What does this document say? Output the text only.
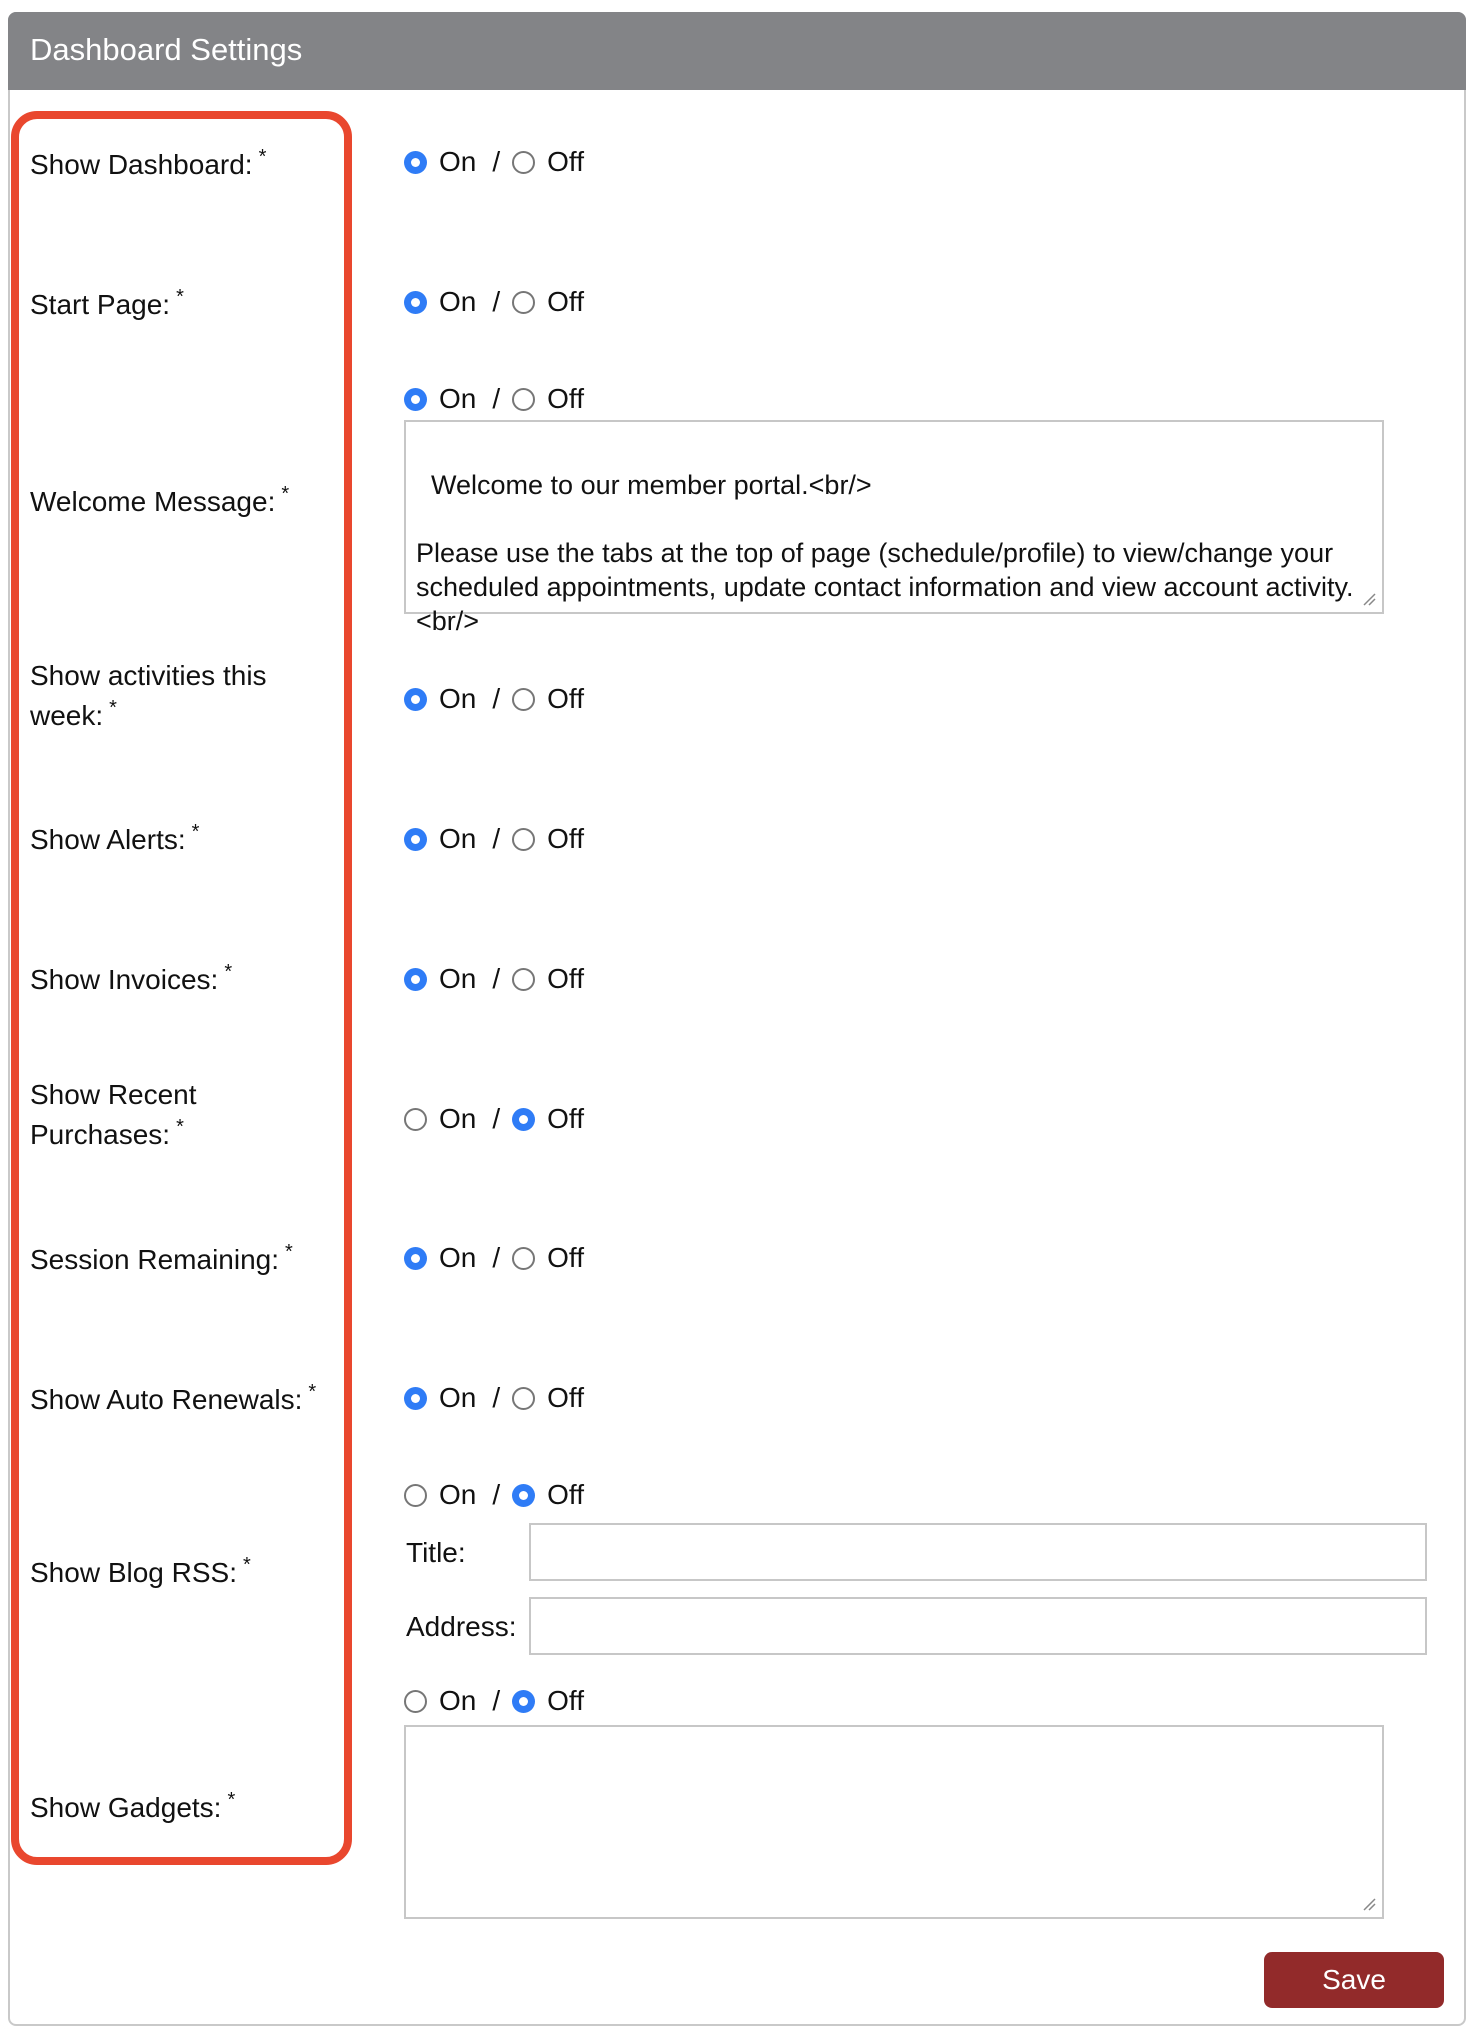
Dashboard Settings
Show Dashboard: *
Start Page: *
Welcome Message: *
Show activities this
week: *
Show Alerts: *
Show Invoices: *
Show Recent
Purchases: *
Session Remaining: *
Show Auto Renewals: *
Show Blog RSS: *
Show Gadgets: *
On / Off
On / Off
On / Off
On / Off
On / Off
On / Off
On / Off
On / Off
On / Off
On / Off
On / Off

Welcome to our member portal.<br/>

Please use the tabs at the top of page (schedule/profile) to view/change your scheduled appointments, update contact information and view account activity.<br/>

Title:
Address:

Save
